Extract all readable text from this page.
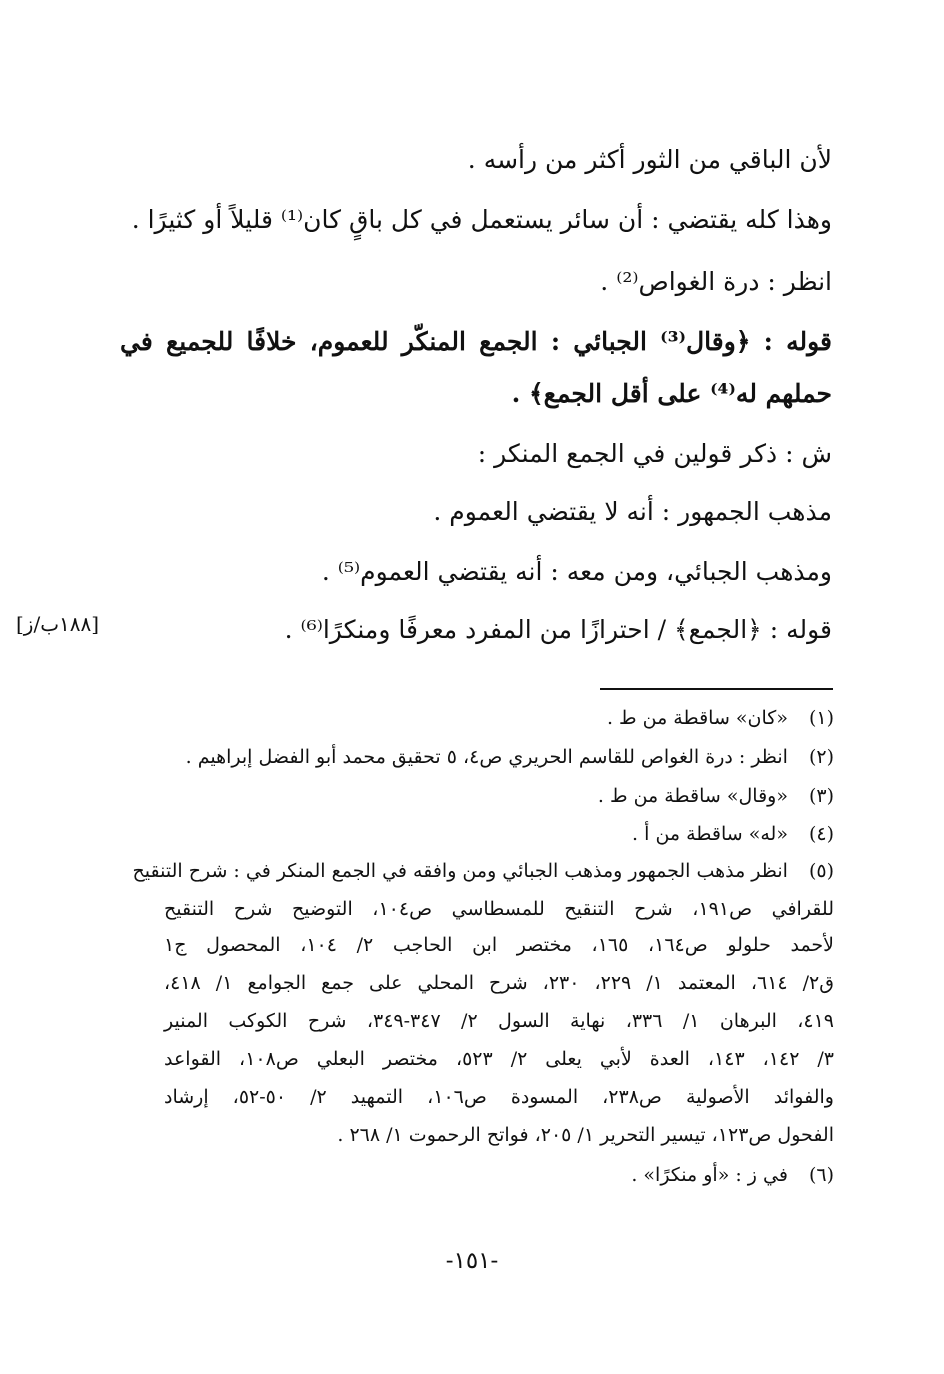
لأن الباقي من الثور أكثر من رأسه .
وهذا كله يقتضي : أن سائر يستعمل في كل باقٍ كان⁽¹⁾ قليلاً أو كثيرًا .
انظر : درة الغواص⁽²⁾ .
قوله : ﴿وقال⁽³⁾ الجبائي : الجمع المنكّر للعموم، خلافًا للجميع في
حملهم له⁽⁴⁾ على أقل الجمع﴾ .
ش : ذكر قولين في الجمع المنكر :
مذهب الجمهور : أنه لا يقتضي العموم .
ومذهب الجبائي، ومن معه : أنه يقتضي العموم⁽⁵⁾ .
قوله : ﴿الجمع﴾ / احترازًا من المفرد معرفًا ومنكرًا⁽⁶⁾ .
[١٨٨ب/ز]
(١) «كان» ساقطة من ط .
(٢) انظر : درة الغواص للقاسم الحريري ص٤، ٥ تحقيق محمد أبو الفضل إبراهيم .
(٣) «وقال» ساقطة من ط .
(٤) «له» ساقطة من أ .
(٥) انظر مذهب الجمهور ومذهب الجبائي ومن وافقه في الجمع المنكر في : شرح التنقيح
للقرافي ص١٩١، شرح التنقيح للمسطاسي ص١٠٤، التوضيح شرح التنقيح
لأحمد حلولو ص١٦٤، ١٦٥، مختصر ابن الحاجب ٢/ ١٠٤، المحصول ج١
ق٢/ ٦١٤، المعتمد ١/ ٢٢٩، ٢٣٠، شرح المحلي على جمع الجوامع ١/ ٤١٨،
٤١٩، البرهان ١/ ٣٣٦، نهاية السول ٢/ ٣٤٧-٣٤٩، شرح الكوكب المنير
٣/ ١٤٢، ١٤٣، العدة لأبي يعلى ٢/ ٥٢٣، مختصر البعلي ص١٠٨، القواعد
والفوائد الأصولية ص٢٣٨، المسودة ص١٠٦، التمهيد ٢/ ٥٠-٥٢، إرشاد
الفحول ص١٢٣، تيسير التحرير ١/ ٢٠٥، فواتح الرحموت ١/ ٢٦٨ .
(٦) في ز : «أو منكرًا» .
-١٥١-
